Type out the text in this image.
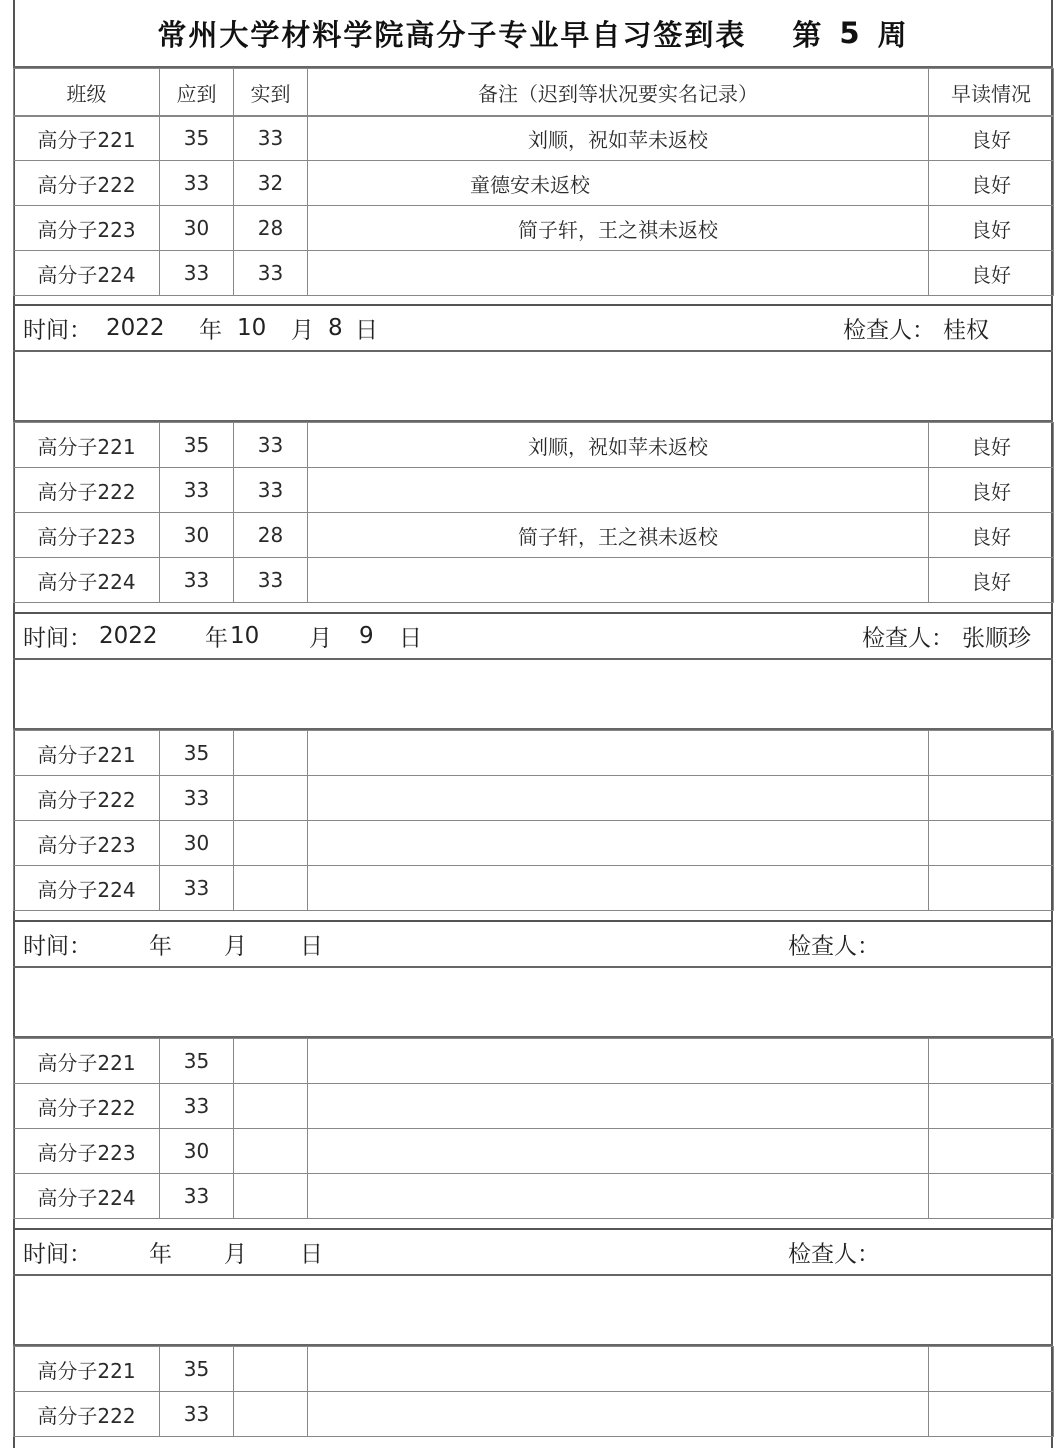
常州大学材料学院高分子专业早自习签到表 第 5 周
班级	应到	实到	备注（迟到等状况要实名记录）	早读情况
高分子221	35	33	刘顺，祝如苹未返校	良好
高分子222	33	32	童德安未返校	良好
高分子223	30	28	简子轩，王之祺未返校	良好
高分子224	33	33		良好
时间： 2022 年 10 月 8 日	检查人： 桂权
高分子221	35	33	刘顺，祝如苹未返校	良好
高分子222	33	33		良好
高分子223	30	28	简子轩，王之祺未返校	良好
高分子224	33	33		良好
时间： 2022 年 10 月 9 日	检查人： 张顺珍
高分子221	35			
高分子222	33			
高分子223	30			
高分子224	33			
时间： 年 月 日	检查人：
高分子221	35			
高分子222	33			
高分子223	30			
高分子224	33			
时间： 年 月 日	检查人：
高分子221	35			
高分子222	33			
